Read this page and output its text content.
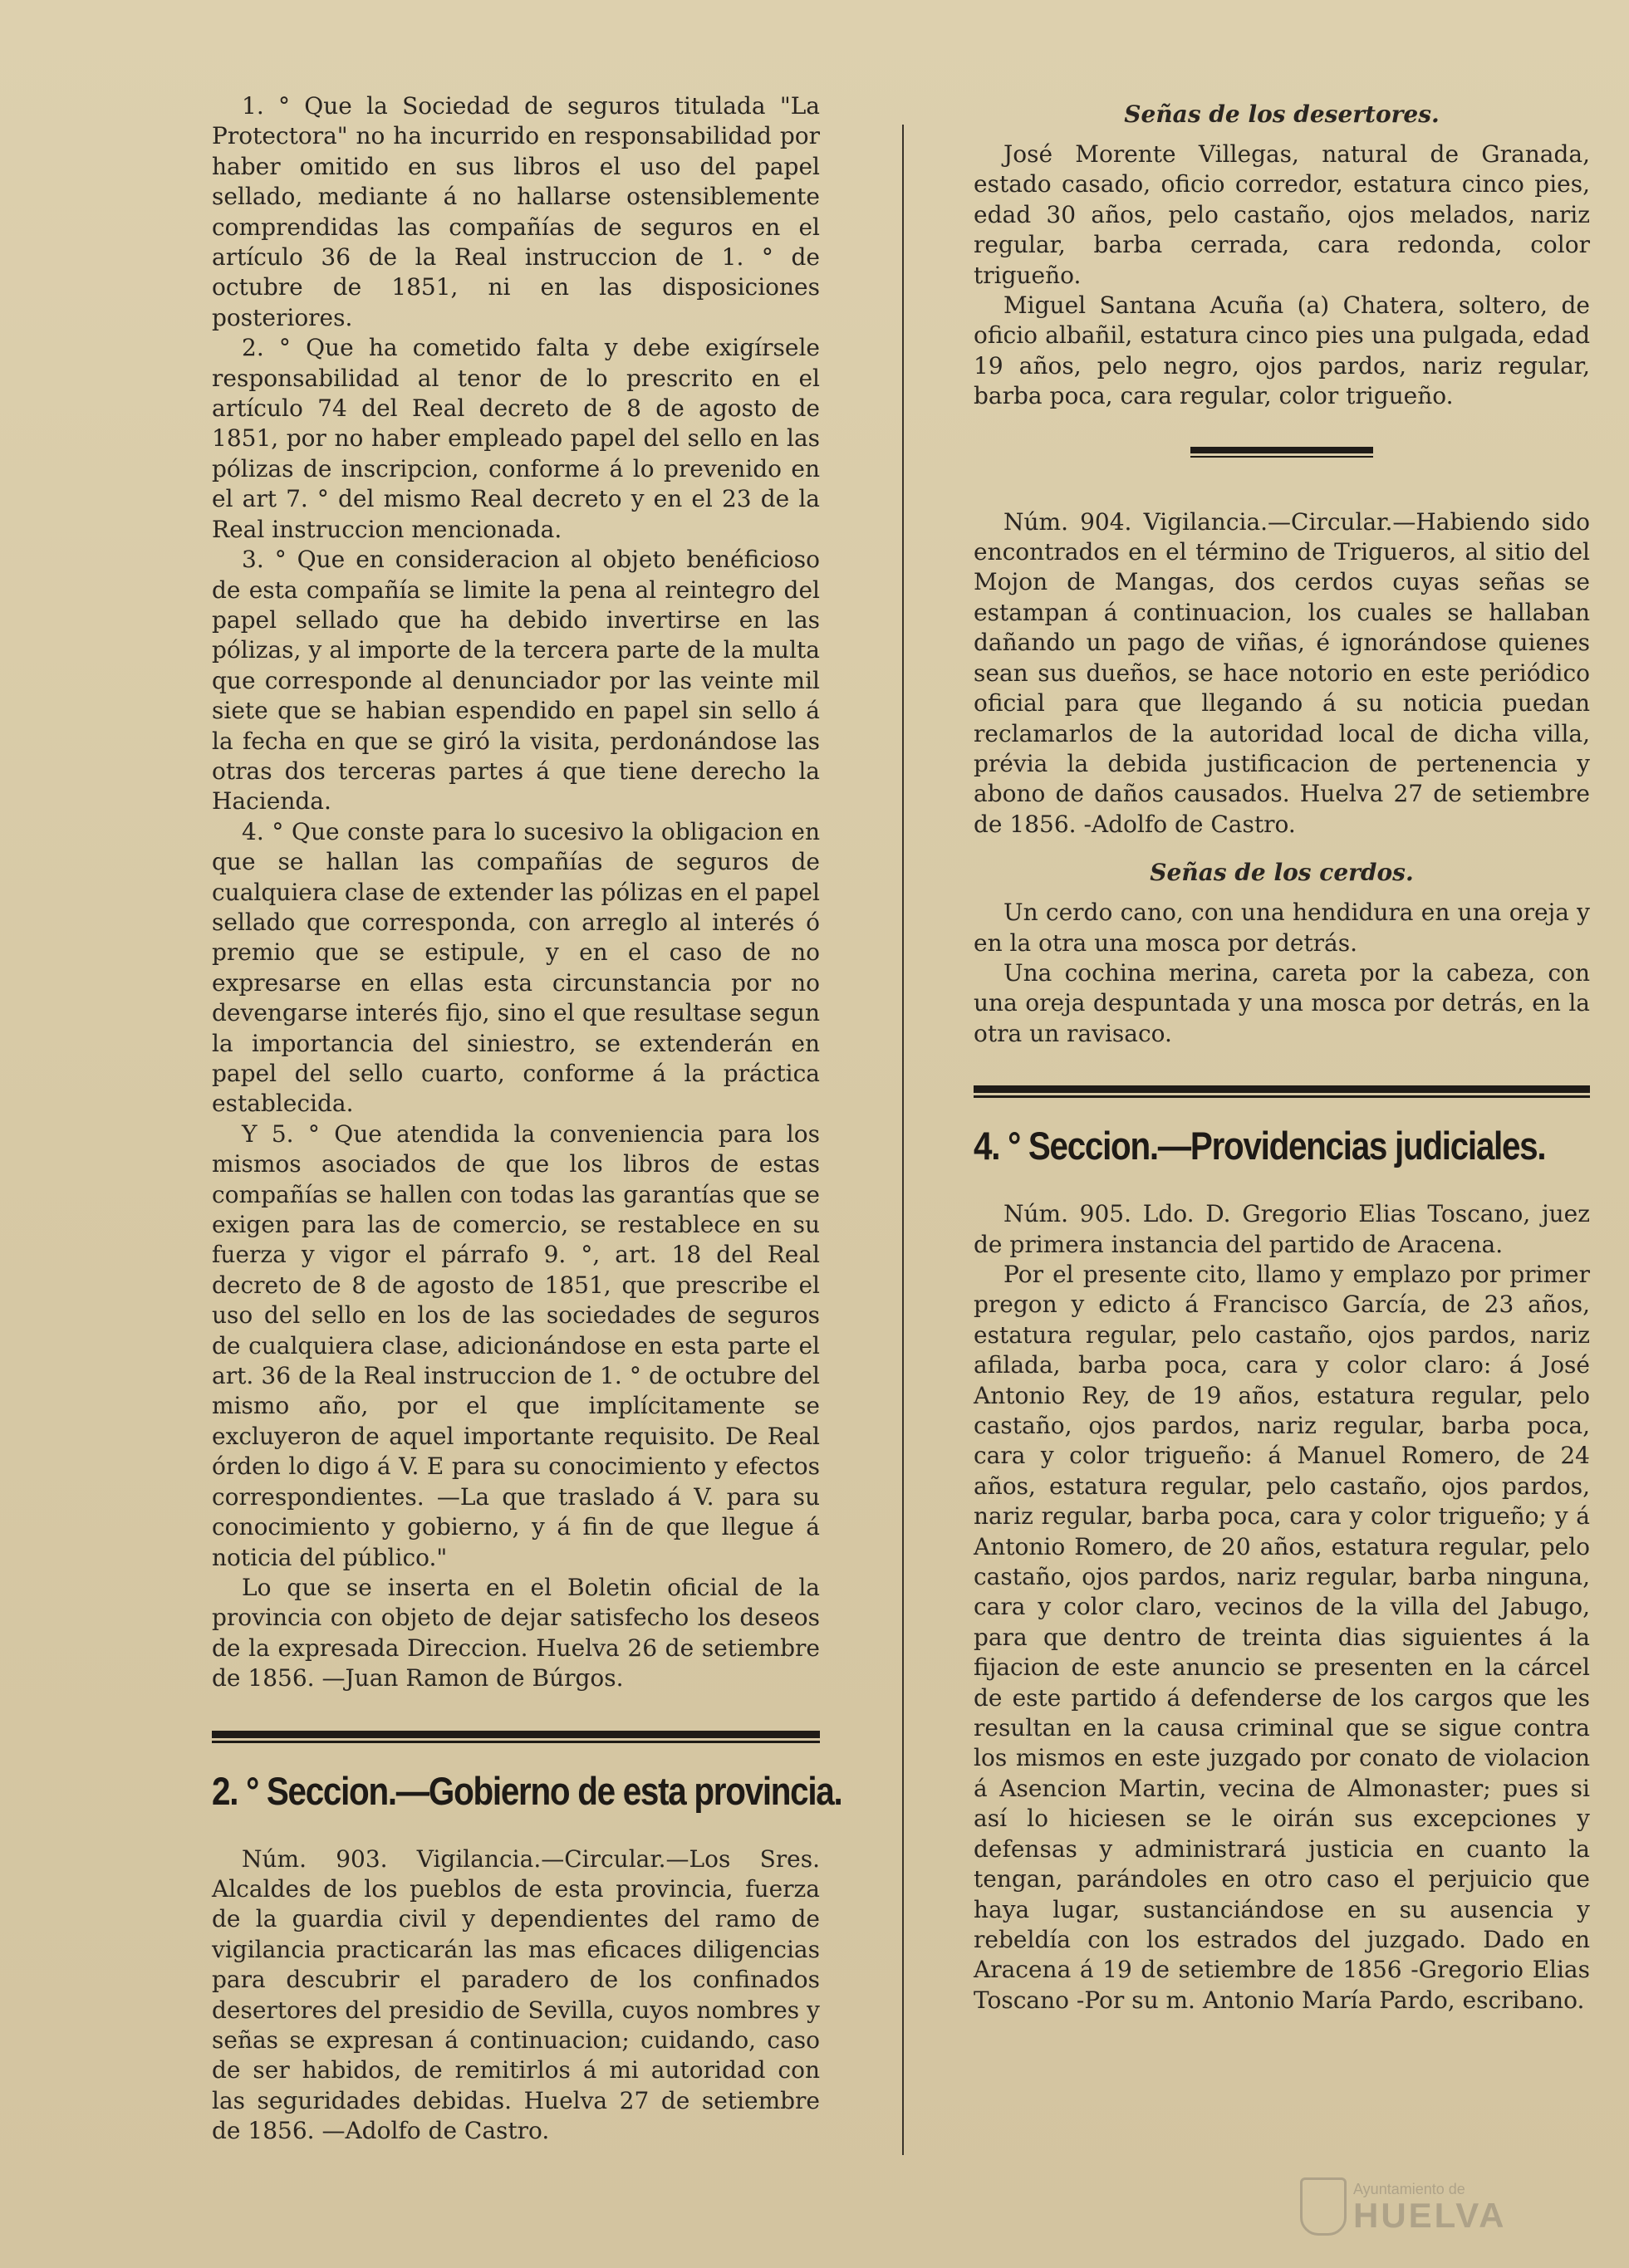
1. ° Que la Sociedad de seguros titulada "La Protectora" no ha incurrido en responsabilidad por haber omitido en sus libros el uso del papel sellado, mediante á no hallarse ostensiblemente comprendidas las compañías de seguros en el artículo 36 de la Real instruccion de 1. ° de octubre de 1851, ni en las disposiciones posteriores.

2. ° Que ha cometido falta y debe exigírsele responsabilidad al tenor de lo prescrito en el artículo 74 del Real decreto de 8 de agosto de 1851, por no haber empleado papel del sello en las pólizas de inscripcion, conforme á lo prevenido en el art 7. ° del mismo Real decreto y en el 23 de la Real instruccion mencionada.

3. ° Que en consideracion al objeto benéficioso de esta compañía se limite la pena al reintegro del papel sellado que ha debido invertirse en las pólizas, y al importe de la tercera parte de la multa que corresponde al denunciador por las veinte mil siete que se habian espendido en papel sin sello á la fecha en que se giró la visita, perdonándose las otras dos terceras partes á que tiene derecho la Hacienda.

4. ° Que conste para lo sucesivo la obligacion en que se hallan las compañías de seguros de cualquiera clase de extender las pólizas en el papel sellado que corresponda, con arreglo al interés ó premio que se estipule, y en el caso de no expresarse en ellas esta circunstancia por no devengarse interés fijo, sino el que resultase segun la importancia del siniestro, se extenderán en papel del sello cuarto, conforme á la práctica establecida.

Y 5. ° Que atendida la conveniencia para los mismos asociados de que los libros de estas compañías se hallen con todas las garantías que se exigen para las de comercio, se restablece en su fuerza y vigor el párrafo 9. °, art. 18 del Real decreto de 8 de agosto de 1851, que prescribe el uso del sello en los de las sociedades de seguros de cualquiera clase, adicionándose en esta parte el art. 36 de la Real instruccion de 1. ° de octubre del mismo año, por el que implícitamente se excluyeron de aquel importante requisito. De Real órden lo digo á V. E para su conocimiento y efectos correspondientes. —La que traslado á V. para su conocimiento y gobierno, y á fin de que llegue á noticia del público."

Lo que se inserta en el Boletin oficial de la provincia con objeto de dejar satisfecho los deseos de la expresada Direccion. Huelva 26 de setiembre de 1856. —Juan Ramon de Búrgos.

2. ° Seccion.—Gobierno de esta provincia.

Núm. 903. Vigilancia.—Circular.—Los Sres. Alcaldes de los pueblos de esta provincia, fuerza de la guardia civil y dependientes del ramo de vigilancia practicarán las mas eficaces diligencias para descubrir el paradero de los confinados desertores del presidio de Sevilla, cuyos nombres y señas se expresan á continuacion; cuidando, caso de ser habidos, de remitirlos á mi autoridad con las seguridades debidas. Huelva 27 de setiembre de 1856. —Adolfo de Castro.

Señas de los desertores.

José Morente Villegas, natural de Granada, estado casado, oficio corredor, estatura cinco pies, edad 30 años, pelo castaño, ojos melados, nariz regular, barba cerrada, cara redonda, color trigueño.

Miguel Santana Acuña (a) Chatera, soltero, de oficio albañil, estatura cinco pies una pulgada, edad 19 años, pelo negro, ojos pardos, nariz regular, barba poca, cara regular, color trigueño.

Núm. 904. Vigilancia.—Circular.—Habiendo sido encontrados en el término de Trigueros, al sitio del Mojon de Mangas, dos cerdos cuyas señas se estampan á continuacion, los cuales se hallaban dañando un pago de viñas, é ignorándose quienes sean sus dueños, se hace notorio en este periódico oficial para que llegando á su noticia puedan reclamarlos de la autoridad local de dicha villa, prévia la debida justificacion de pertenencia y abono de daños causados. Huelva 27 de setiembre de 1856. -Adolfo de Castro.

Señas de los cerdos.

Un cerdo cano, con una hendidura en una oreja y en la otra una mosca por detrás.

Una cochina merina, careta por la cabeza, con una oreja despuntada y una mosca por detrás, en la otra un ravisaco.

4. ° Seccion.—Providencias judiciales.

Núm. 905. Ldo. D. Gregorio Elias Toscano, juez de primera instancia del partido de Aracena.

Por el presente cito, llamo y emplazo por primer pregon y edicto á Francisco García, de 23 años, estatura regular, pelo castaño, ojos pardos, nariz afilada, barba poca, cara y color claro: á José Antonio Rey, de 19 años, estatura regular, pelo castaño, ojos pardos, nariz regular, barba poca, cara y color trigueño: á Manuel Romero, de 24 años, estatura regular, pelo castaño, ojos pardos, nariz regular, barba poca, cara y color trigueño; y á Antonio Romero, de 20 años, estatura regular, pelo castaño, ojos pardos, nariz regular, barba ninguna, cara y color claro, vecinos de la villa del Jabugo, para que dentro de treinta dias siguientes á la fijacion de este anuncio se presenten en la cárcel de este partido á defenderse de los cargos que les resultan en la causa criminal que se sigue contra los mismos en este juzgado por conato de violacion á Asencion Martin, vecina de Almonaster; pues si así lo hiciesen se le oirán sus excepciones y defensas y administrará justicia en cuanto la tengan, parándoles en otro caso el perjuicio que haya lugar, sustanciándose en su ausencia y rebeldía con los estrados del juzgado. Dado en Aracena á 19 de setiembre de 1856 -Gregorio Elias Toscano -Por su m. Antonio María Pardo, escribano.

Ayuntamiento de
HUELVA
